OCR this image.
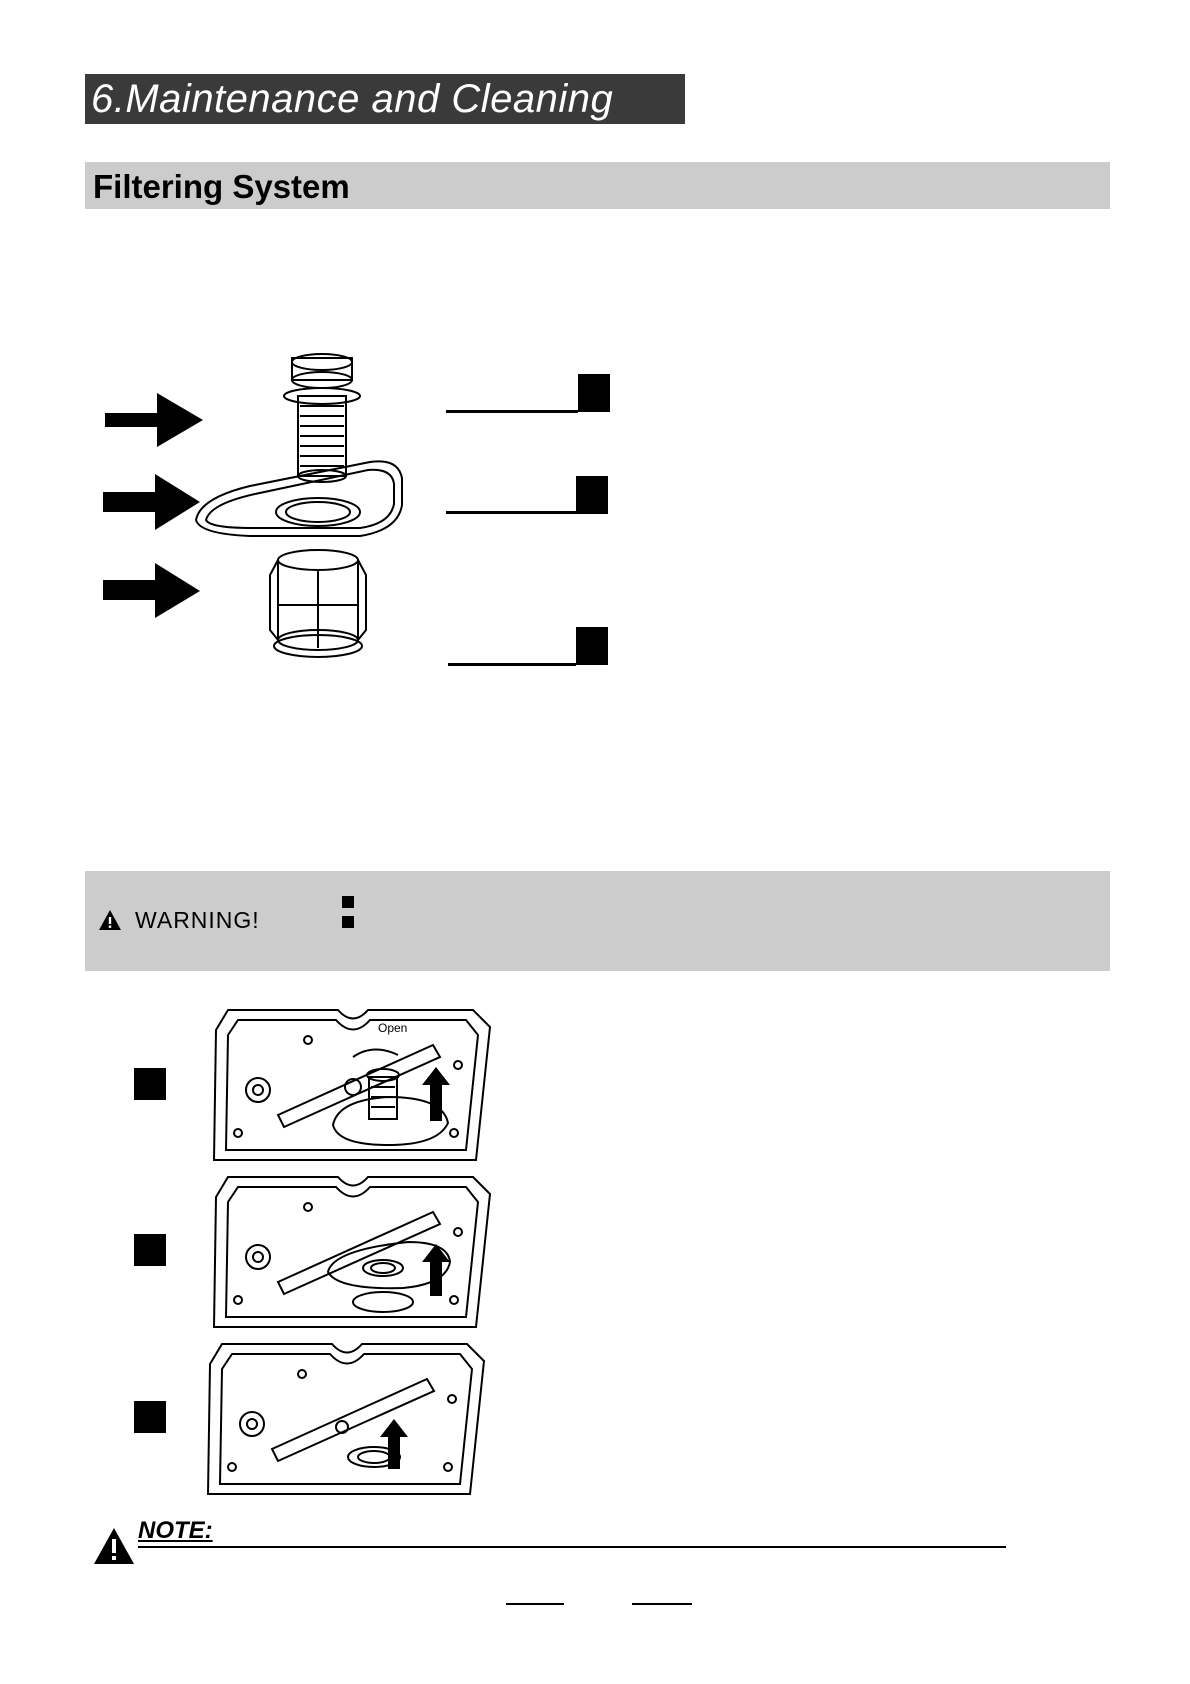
6.Maintenance and Cleaning
Filtering System
WARNING!
Open
NOTE:
